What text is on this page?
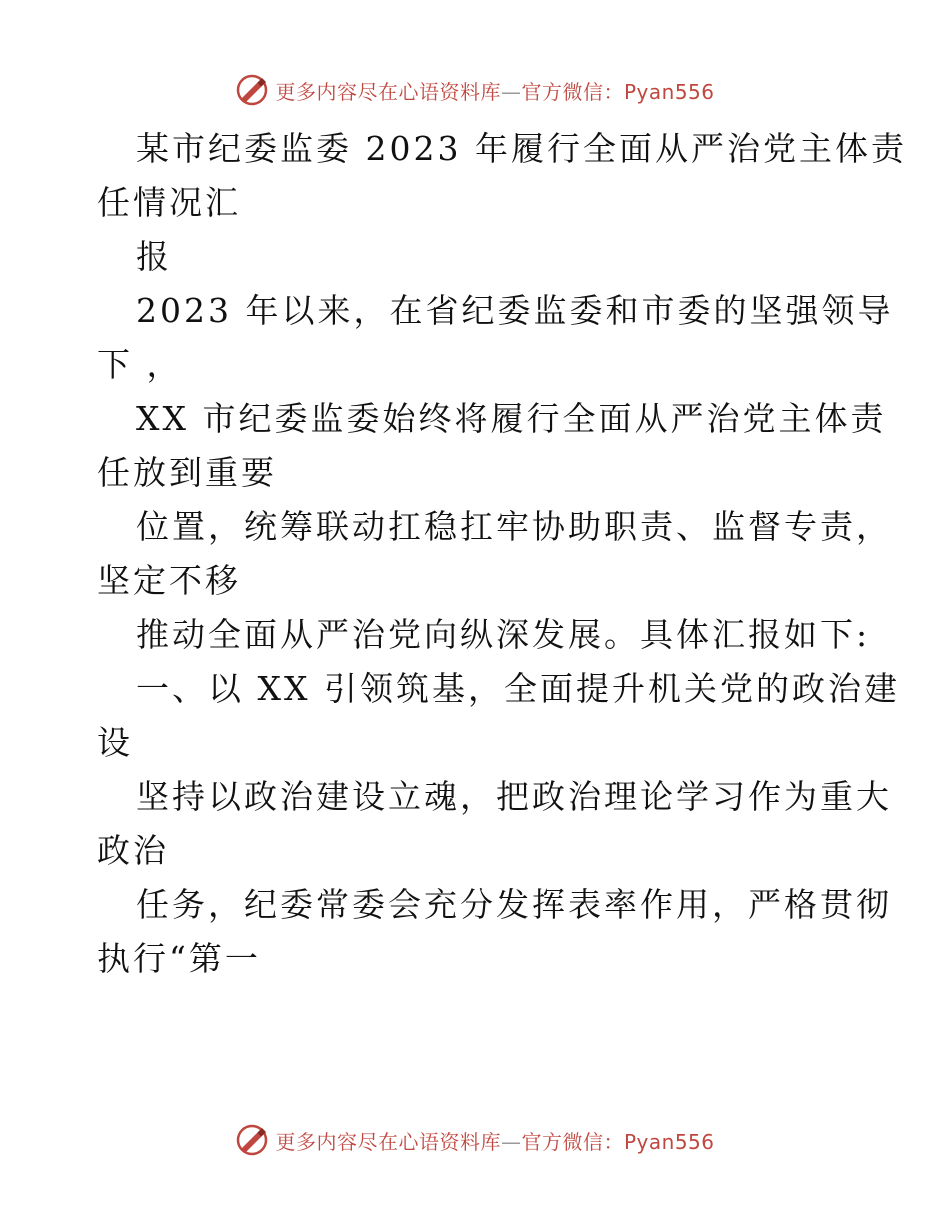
更多内容尽在心语资料库—官方微信：Pyan556
某市纪委监委 2023 年履行全面从严治党主体责
任情况汇
报
2023 年以来，在省纪委监委和市委的坚强领导
下 ，
XX 市纪委监委始终将履行全面从严治党主体责
任放到重要
位置，统筹联动扛稳扛牢协助职责、监督专责，
坚定不移
推动全面从严治党向纵深发展。具体汇报如下:
一、以 XX 引领筑基，全面提升机关党的政治建
设
坚持以政治建设立魂，把政治理论学习作为重大
政治
任务，纪委常委会充分发挥表率作用，严格贯彻
执行“第一
更多内容尽在心语资料库—官方微信：Pyan556
